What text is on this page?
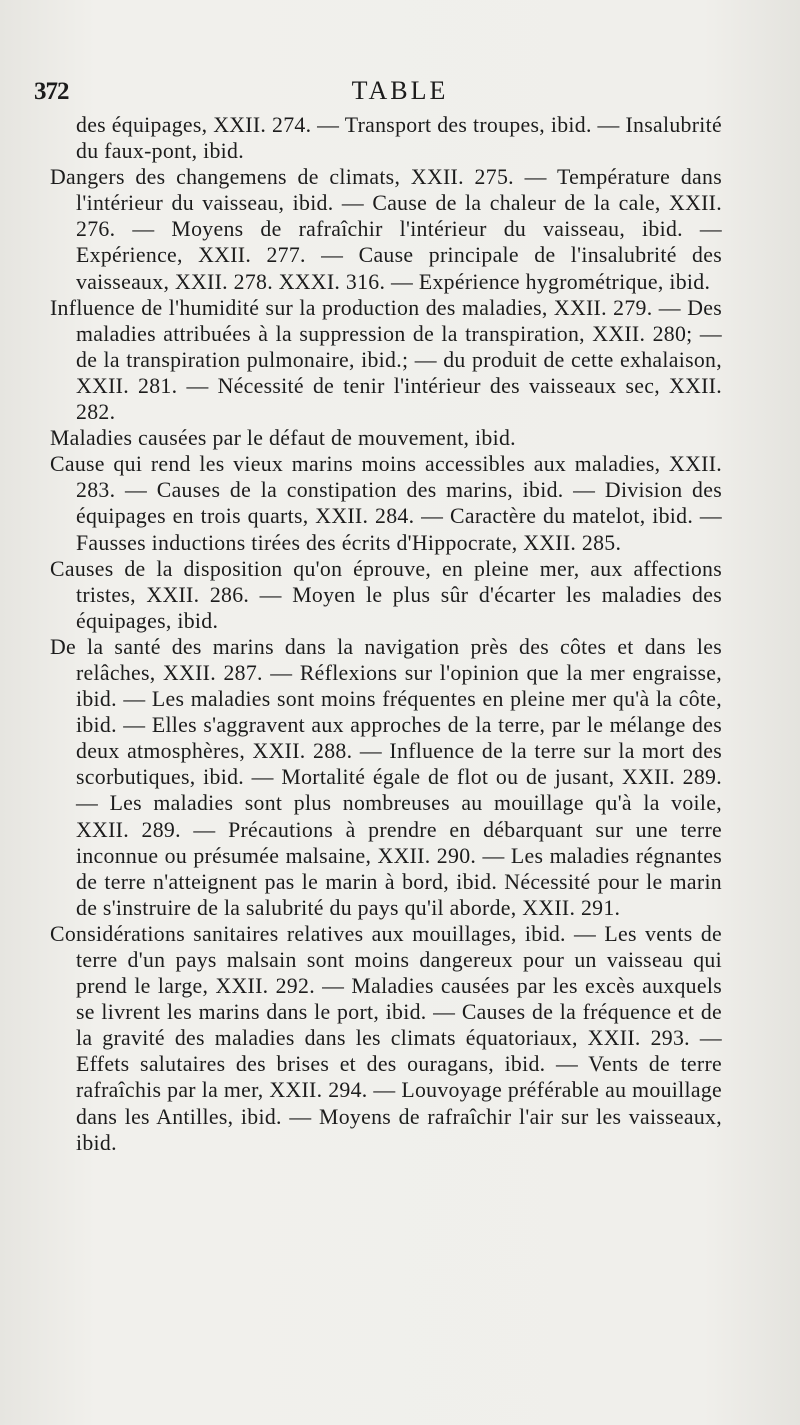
372	TABLE
des équipages, XXII. 274. — Transport des troupes, ibid. — Insalubrité du faux-pont, ibid.
Dangers des changemens de climats, XXII. 275. — Température dans l'intérieur du vaisseau, ibid. — Cause de la chaleur de la cale, XXII. 276. — Moyens de rafraîchir l'intérieur du vaisseau, ibid. — Expérience, XXII. 277. — Cause principale de l'insalubrité des vaisseaux, XXII. 278. XXXI. 316. — Expérience hygrométrique, ibid.
Influence de l'humidité sur la production des maladies, XXII. 279. — Des maladies attribuées à la suppression de la transpiration, XXII. 280; — de la transpiration pulmonaire, ibid.; — du produit de cette exhalaison, XXII. 281. — Nécessité de tenir l'intérieur des vaisseaux sec, XXII. 282.
Maladies causées par le défaut de mouvement, ibid.
Cause qui rend les vieux marins moins accessibles aux maladies, XXII. 283. — Causes de la constipation des marins, ibid. — Division des équipages en trois quarts, XXII. 284. — Caractère du matelot, ibid. — Fausses inductions tirées des écrits d'Hippocrate, XXII. 285.
Causes de la disposition qu'on éprouve, en pleine mer, aux affections tristes, XXII. 286. — Moyen le plus sûr d'écarter les maladies des équipages, ibid.
De la santé des marins dans la navigation près des côtes et dans les relâches, XXII. 287. — Réflexions sur l'opinion que la mer engraisse, ibid. — Les maladies sont moins fréquentes en pleine mer qu'à la côte, ibid. — Elles s'aggravent aux approches de la terre, par le mélange des deux atmosphères, XXII. 288. — Influence de la terre sur la mort des scorbutiques, ibid. — Mortalité égale de flot ou de jusant, XXII. 289. — Les maladies sont plus nombreuses au mouillage qu'à la voile, XXII. 289. — Précautions à prendre en débarquant sur une terre inconnue ou présumée malsaine, XXII. 290. — Les maladies régnantes de terre n'atteignent pas le marin à bord, ibid. Nécessité pour le marin de s'instruire de la salubrité du pays qu'il aborde, XXII. 291.
Considérations sanitaires relatives aux mouillages, ibid. — Les vents de terre d'un pays malsain sont moins dangereux pour un vaisseau qui prend le large, XXII. 292. — Maladies causées par les excès auxquels se livrent les marins dans le port, ibid. — Causes de la fréquence et de la gravité des maladies dans les climats équatoriaux, XXII. 293. — Effets salutaires des brises et des ouragans, ibid. — Vents de terre rafraîchis par la mer, XXII. 294. — Louvoyage préférable au mouillage dans les Antilles, ibid. — Moyens de rafraîchir l'air sur les vaisseaux, ibid.
